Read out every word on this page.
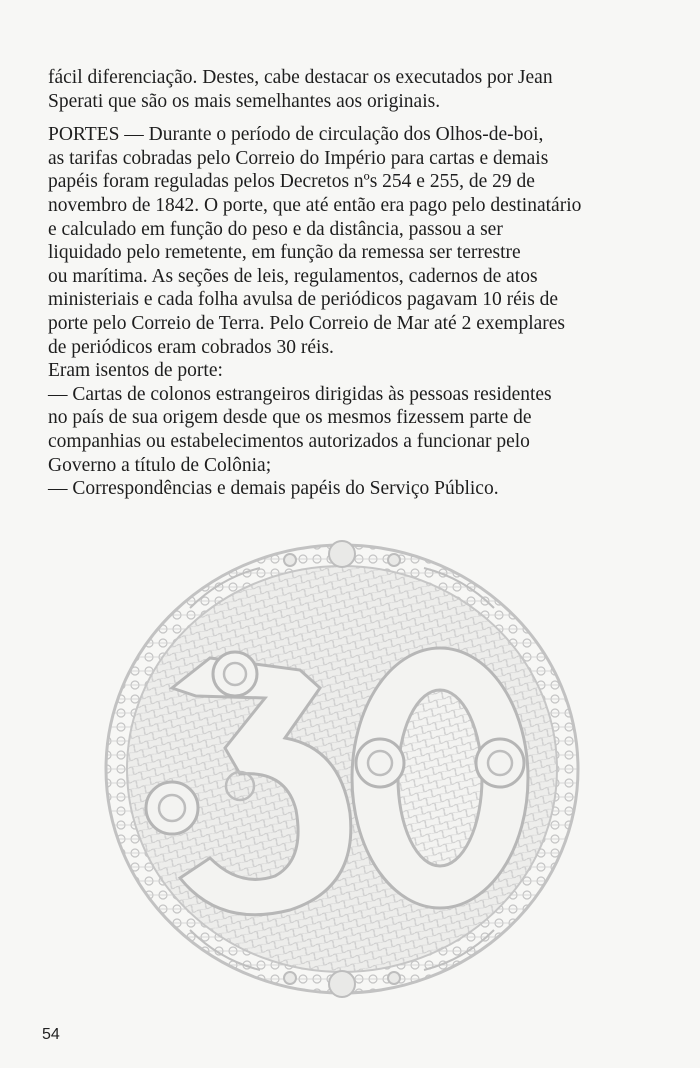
fácil diferenciação. Destes, cabe destacar os executados por Jean
Sperati que são os mais semelhantes aos originais.

PORTES — Durante o período de circulação dos Olhos-de-boi,
as tarifas cobradas pelo Correio do Império para cartas e demais
papéis foram reguladas pelos Decretos nºs 254 e 255, de 29 de
novembro de 1842. O porte, que até então era pago pelo destinatário
e calculado em função do peso e da distância, passou a ser
liquidado pelo remetente, em função da remessa ser terrestre
ou marítima. As seções de leis, regulamentos, cadernos de atos
ministeriais e cada folha avulsa de periódicos pagavam 10 réis de
porte pelo Correio de Terra. Pelo Correio de Mar até 2 exemplares
de periódicos eram cobrados 30 réis.
Eram isentos de porte:
— Cartas de colonos estrangeiros dirigidas às pessoas residentes
no país de sua origem desde que os mesmos fizessem parte de
companhias ou estabelecimentos autorizados a funcionar pelo
Governo a título de Colônia;
— Correspondências e demais papéis do Serviço Público.

54
